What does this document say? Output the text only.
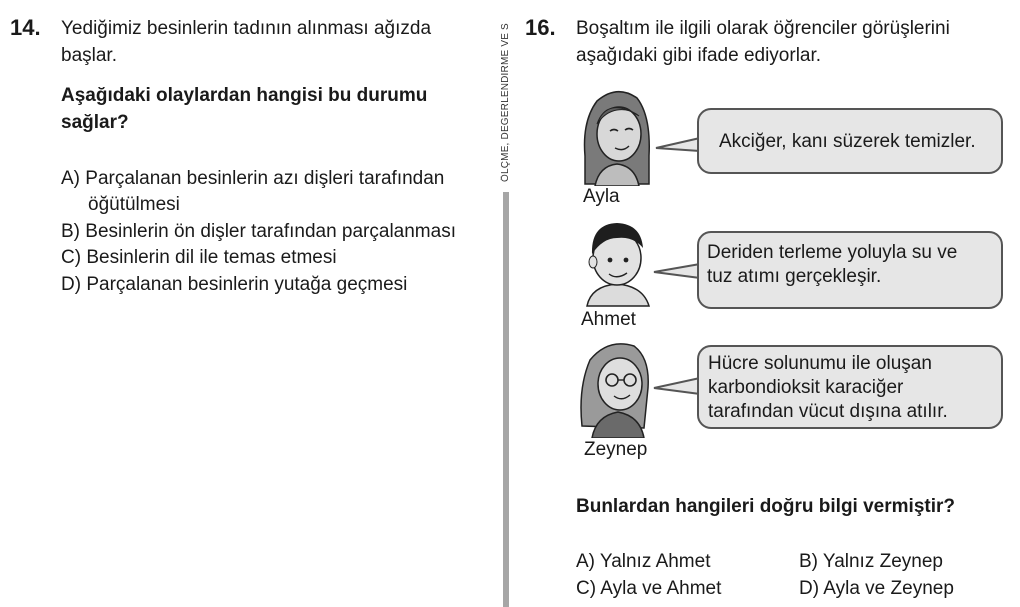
14. Yediğimiz besinlerin tadının alınması ağızda
başlar.
Aşağıdaki olaylardan hangisi bu durumu
sağlar?
A) Parçalanan besinlerin azı dişleri tarafından
öğütülmesi
B) Besinlerin ön dişler tarafından parçalanması
C) Besinlerin dil ile temas etmesi
D) Parçalanan besinlerin yutağa geçmesi
ÖLÇME, DEĞERLENDİRME VE S 16. Boşaltım ile ilgili olarak öğrenciler görüşlerini
aşağıdaki gibi ifade ediyorlar.
Ayla
Akciğer, kanı süzerek temizler.
Ahmet
Deriden terleme yoluyla su ve
tuz atımı gerçekleşir.
Zeynep
Hücre solunumu ile oluşan
karbondioksit karaciğer
tarafından vücut dışına atılır.
Bunlardan hangileri doğru bilgi vermiştir?
A) Yalnız Ahmet	B) Yalnız Zeynep
C) Ayla ve Ahmet	D) Ayla ve Zeynep
